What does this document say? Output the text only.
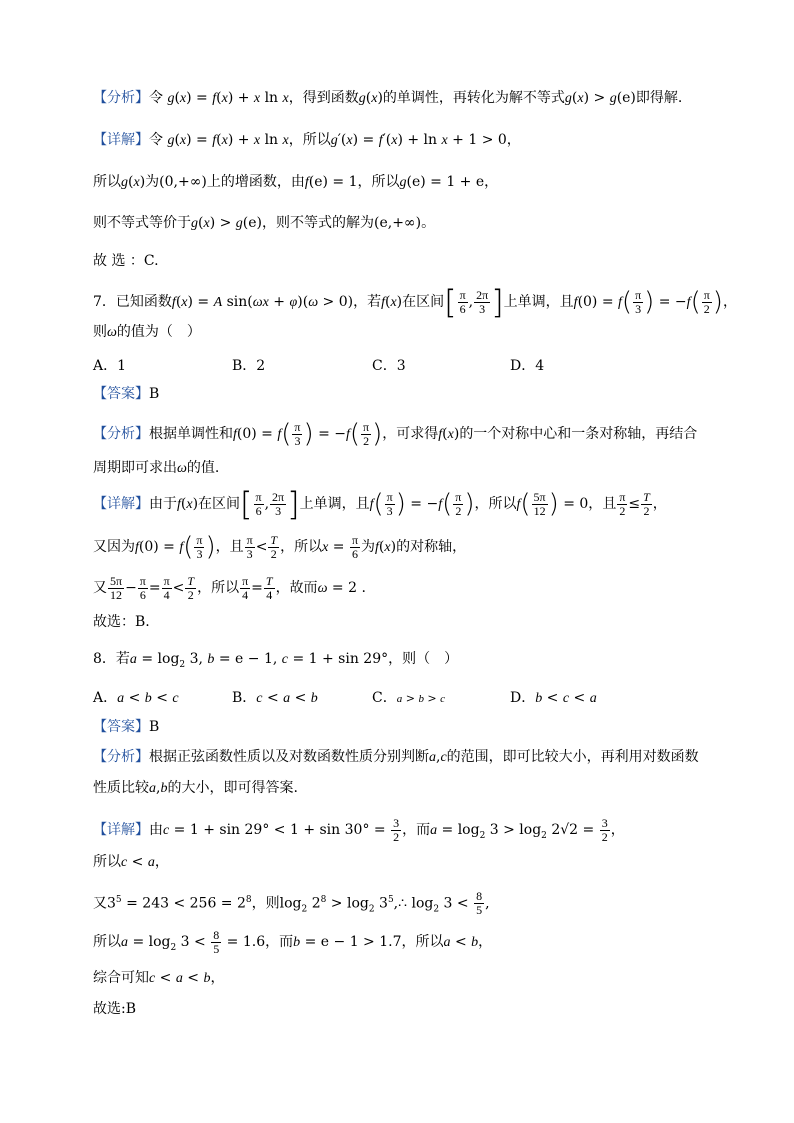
【分析】令 g(x) = f(x) + x ln x，得到函数g(x)的单调性，再转化为解不等式g(x) > g(e)即得解.
【详解】令 g(x) = f(x) + x ln x，所以g′(x) = f′(x) + ln x + 1 > 0，
所以g(x)为(0,+∞)上的增函数，由f(e) = 1，所以g(e) = 1 + e，
则不等式等价于g(x) > g(e)，则不等式的解为(e,+∞)。
故 选 ：C.
7．已知函数f(x) = A sin(ωx + φ)(ω > 0)，若f(x)在区间[ $\frac{\pi}{6}$ , $\frac{2\pi}{3}$ ]上单调，且$f(0) = f( \frac{\pi}{3}$ ) = $-f( \frac{\pi}{2}$ )，
则ω的值为（　）
A．1	B．2	C．3	D．4
【答案】B
【分析】根据单调性和$f(0) = f( \frac{\pi}{3}$ ) = $-f( \frac{\pi}{2}$ )，可求得f(x)的一个对称中心和一条对称轴，再结合
周期即可求出ω的值.
【详解】由于f(x)在区间[ $\frac{\pi}{6}$ , $\frac{2\pi}{3}$ ]上单调，且$f( \frac{\pi}{3}$ ) = $-f( \frac{\pi}{2}$ )，所以$f( \frac{5\pi}{12}$ ) = 0，且 $\frac{\pi}{2} \le \frac{T}{2}$ ，
又因为$f(0) = f( \frac{\pi}{3}$ )，且 $\frac{\pi}{3} < \frac{T}{2}$ ，所以$x = \frac{\pi}{6}$ 为f(x)的对称轴，
又 $\frac{5\pi}{12} - \frac{\pi}{6} = \frac{\pi}{4} < \frac{T}{2}$ ，所以 $\frac{\pi}{4} = \frac{T}{4}$ ，故而ω = 2 .
故选：B.
8．若$a = \log_2 3$, b = e − 1, c = 1 + sin 29°，则（　）
A．a < b < c	B．c < a < b	C．a > b > c	D．b < c < a
【答案】B
【分析】根据正弦函数性质以及对数函数性质分别判断a,c的范围，即可比较大小，再利用对数函数
性质比较a,b的大小，即可得答案.
【详解】由$c = 1 + \sin 29^\circ < 1 + \sin 30^\circ = \frac{3}{2}$ ，而$a = \log_2 3 > \log_2 2√2 = \frac{3}{2}$ ，
所以c < a，
又$3^5 = 243 < 256 = 2^8$，则$\log_2 2^8 > \log_2$ $3^5,\therefore$ $\log_2 3 < \frac{8}{5}$ ,
所以$a = \log_2 3 < \frac{8}{5} = 1.6$，而b = e − 1 > 1.7，所以a < b，
综合可知c < a < b，
故选:B
